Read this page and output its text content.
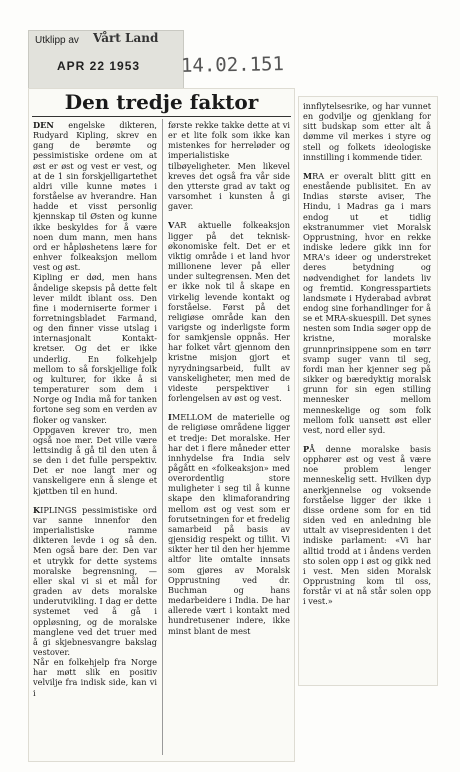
Utklipp av Vårt Land
APR 22 1953 14.02.151
Den tredje faktor

DEN engelske dikteren, Rudyard Kipling, skrev en gang de berømte og pessimistiske ordene om at øst er øst og vest er vest, og at de 1 sin forskjelligartethet aldri ville kunne møtes i forståelse av hverandre. Han hadde et visst personlig kjennskap til Østen og kunne ikke beskyldes for å være noen dum mann, men hans ord er håpløshetens lære for enhver folkeaksjon mellom vest og øst.

Kipling er død, men hans åndelige skepsis på dette felt lever mildt iblant oss. Den fine i moderniserte former i forretningsbladet Farmand, og den finner visse utslag i internasjonalt Kontakt-kretser. Og det er ikke underlig. En folkehjelp mellom to så forskjellige folk og kulturer, for ikke å si temperaturer som dem i Norge og India må for tanken fortone seg som en verden av floker og vansker.

Oppgaven krever tro, men også noe mer. Det ville være lettsindig å gå til den uten å se den i det fulle perspektiv. Det er noe langt mer og vanskeligere enn å slenge et kjøttben til en hund.

KIPLINGS pessimistiske ord var sanne innenfor den imperialistiske ramme dikteren levde i og så den. Men også bare der. Den var et utrykk for dette systems moralske begrensning, — eller skal vi si et mål for graden av dets moralske underutvikling. I dag er dette systemet ved å gå i oppløsning, og de moralske manglene ved det truer med å gi skjebnesvangre bakslag vestover.

Når en folkehjelp fra Norge har møtt slik en positiv velvilje fra indisk side, kan vi i

første rekke takke dette at vi er et lite folk som ikke kan mistenkes for herreløder og imperialistiske tilbøyeligheter. Men likevel kreves det også fra vår side den ytterste grad av takt og varsomhet i kunsten å gi gaver.

VAR aktuelle folkeaksjon ligger på det teknisk-økonomiske felt. Det er et viktig område i et land hvor millionene lever på eller under sultegrensen. Men det er ikke nok til å skape en virkelig levende kontakt og forståelse. Først på det religiøse område kan den varigste og inderligste form for samkjensle oppnås. Her har folket vårt gjennom den kristne misjon gjort et nyrydningsarbeid, fullt av vanskeligheter, men med de videste perspektiver i forlengelsen av øst og vest.

IMELLOM de materielle og de religiøse områdene ligger et tredje: Det moralske. Her har det i flere måneder etter innhydelse fra India selv pågått en «folkeaksjon» med overordentlig store muligheter i seg til å kunne skape den klimaforandring mellom øst og vest som er forutsetningen for et fredelig samarbeid på basis av gjensidig respekt og tillit. Vi sikter her til den her hjemme altfor lite omtalte innsats som gjøres av Moralsk Opprustning ved dr. Buchman og hans medarbeidere i India. De har allerede vært i kontakt med hundretusener indere, ikke minst blant de mest

innflytelsesrike, og har vunnet en godvilje og gjenklang for sitt budskap som etter alt å dømme vil merkes i styre og stell og folkets ideologiske innstilling i kommende tider.

MRA er overalt blitt gitt en enestående publisitet. En av Indias største aviser, The Hindu, i Madras ga i mars endog ut et tidlig ekstranummer viet Moralsk Opprustning, hvor en rekke indiske ledere gikk inn for MRA's ideer og understreket deres betydning og nødvendighet for landets liv og fremtid. Kongresspartiets landsmøte i Hyderabad avbrøt endog sine forhandlinger for å se et MRA-skuespill. Det synes nesten som India søger opp de kristne, moralske grunnprinsippene som en tørr svamp suger vann til seg, fordi man her kjenner seg på sikker og bæredyktig moralsk grunn for sin egen stilling mennesker mellom menneskelige og som folk mellom folk uansett øst eller vest, nord eller syd.

PÅ denne moralske basis opphører øst og vest å være noe problem lenger menneskelig sett. Hvilken dyp anerkjennelse og voksende forståelse ligger der ikke i disse ordene som for en tid siden ved en anledning ble uttalt av visepresidenten i det indiske parlament: «Vi har alltid trodd at i åndens verden sto solen opp i øst og gikk ned i vest. Men siden Moralsk Opprustning kom til oss, forstår vi at nå står solen opp i vest.»
